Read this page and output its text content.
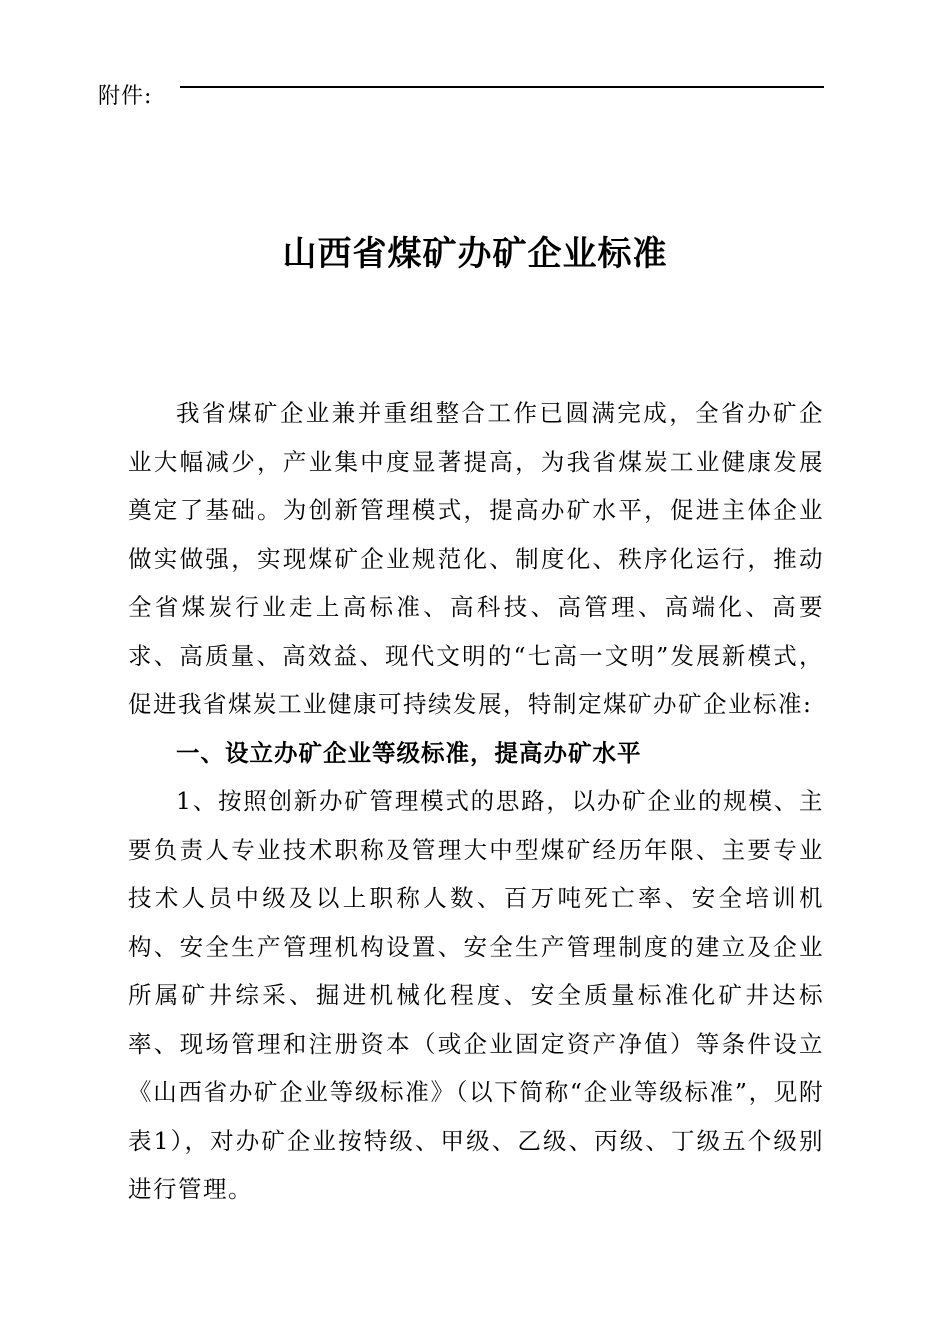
附件:
山西省煤矿办矿企业标准

我省煤矿企业兼并重组整合工作已圆满完成，全省办矿企业大幅减少，产业集中度显著提高，为我省煤炭工业健康发展奠定了基础。为创新管理模式，提高办矿水平，促进主体企业做实做强，实现煤矿企业规范化、制度化、秩序化运行，推动全省煤炭行业走上高标准、高科技、高管理、高端化、高要求、高质量、高效益、现代文明的“七高一文明”发展新模式，促进我省煤炭工业健康可持续发展，特制定煤矿办矿企业标准:

一、设立办矿企业等级标准，提高办矿水平

1、按照创新办矿管理模式的思路，以办矿企业的规模、主要负责人专业技术职称及管理大中型煤矿经历年限、主要专业技术人员中级及以上职称人数、百万吨死亡率、安全培训机构、安全生产管理机构设置、安全生产管理制度的建立及企业所属矿井综采、掘进机械化程度、安全质量标准化矿井达标率、现场管理和注册资本（或企业固定资产净值）等条件设立《山西省办矿企业等级标准》（以下简称“企业等级标准”，见附表1），对办矿企业按特级、甲级、乙级、丙级、丁级五个级别进行管理。
